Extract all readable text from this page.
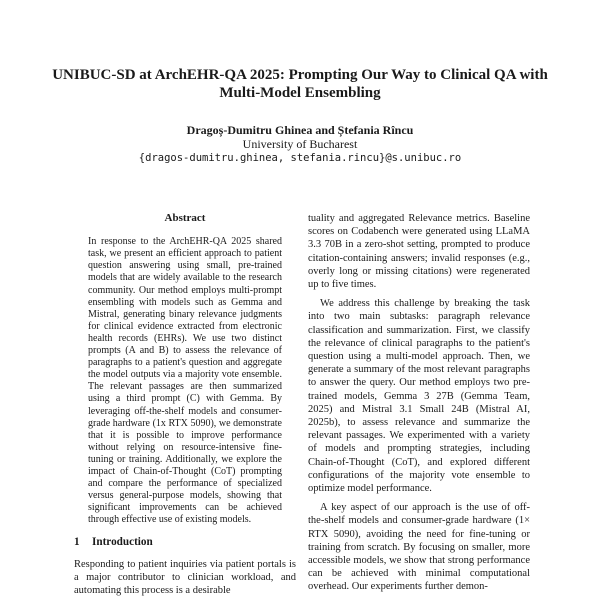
UNIBUC-SD at ArchEHR-QA 2025: Prompting Our Way to Clinical QA with Multi-Model Ensembling
Dragoș-Dumitru Ghinea and Ștefania Rîncu
University of Bucharest
{dragos-dumitru.ghinea, stefania.rincu}@s.unibuc.ro
Abstract

In response to the ArchEHR-QA 2025 shared task, we present an efficient approach to patient question answering using small, pre-trained models that are widely available to the research community. Our method employs multi-prompt ensembling with models such as Gemma and Mistral, generating binary relevance judgments for clinical evidence extracted from electronic health records (EHRs). We use two distinct prompts (A and B) to assess the relevance of paragraphs to a patient's question and aggregate the model outputs via a majority vote ensemble. The relevant passages are then summarized using a third prompt (C) with Gemma. By leveraging off-the-shelf models and consumer-grade hardware (1x RTX 5090), we demonstrate that it is possible to improve performance without relying on resource-intensive fine-tuning or training. Additionally, we explore the impact of Chain-of-Thought (CoT) prompting and compare the performance of specialized versus general-purpose models, showing that significant improvements can be achieved through effective use of existing models.

1 Introduction

Responding to patient inquiries via patient portals is a major contributor to clinician workload, and automating this process is a desirable

tuality and aggregated Relevance metrics. Baseline scores on Codabench were generated using LLaMA 3.3 70B in a zero-shot setting, prompted to produce citation-containing answers; invalid responses (e.g., overly long or missing citations) were regenerated up to five times.

We address this challenge by breaking the task into two main subtasks: paragraph relevance classification and summarization. First, we classify the relevance of clinical paragraphs to the patient's question using a multi-model approach. Then, we generate a summary of the most relevant paragraphs to answer the query. Our method employs two pre-trained models, Gemma 3 27B (Gemma Team, 2025) and Mistral 3.1 Small 24B (Mistral AI, 2025b), to assess relevance and summarize the relevant passages. We experimented with a variety of models and prompting strategies, including Chain-of-Thought (CoT), and explored different configurations of the majority vote ensemble to optimize model performance.

A key aspect of our approach is the use of off-the-shelf models and consumer-grade hardware (1× RTX 5090), avoiding the need for fine-tuning or training from scratch. By focusing on smaller, more accessible models, we show that strong performance can be achieved with minimal computational overhead. Our experiments further demon-
